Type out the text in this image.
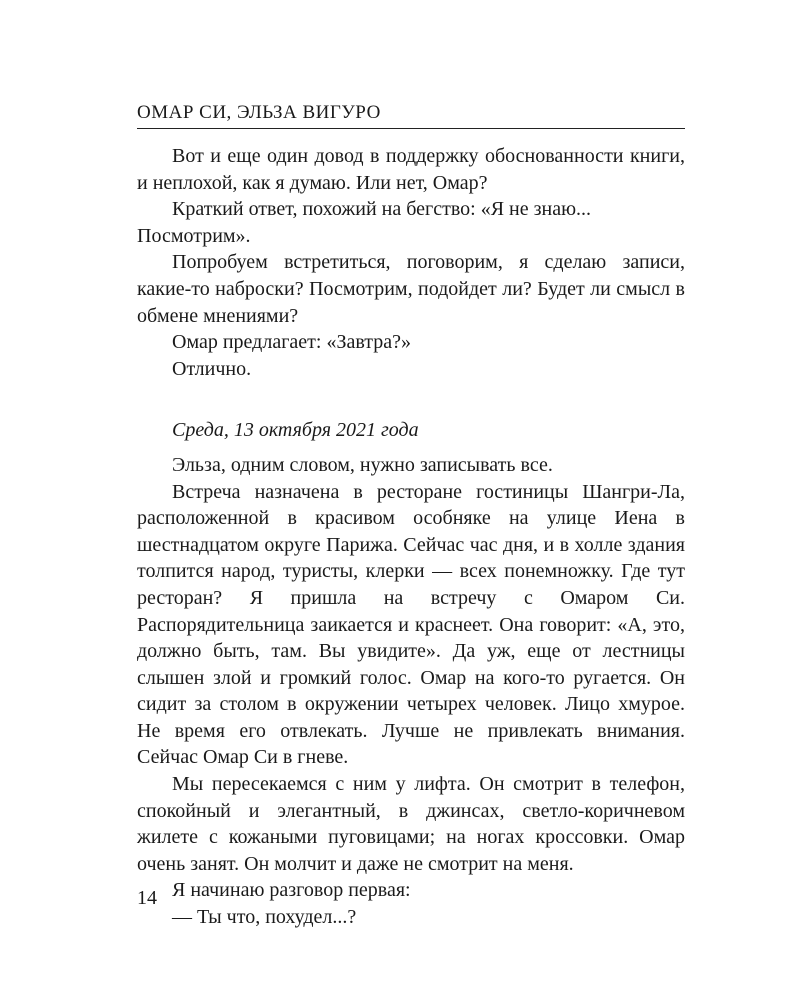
ОМАР СИ, ЭЛЬЗА ВИГУРО

Вот и еще один довод в поддержку обоснованности книги, и неплохой, как я думаю. Или нет, Омар?

Краткий ответ, похожий на бегство: «Я не знаю... Посмотрим».

Попробуем встретиться, поговорим, я сделаю записи, какие-то наброски? Посмотрим, подойдет ли? Будет ли смысл в обмене мнениями?

Омар предлагает: «Завтра?»

Отлично.

Среда, 13 октября 2021 года

Эльза, одним словом, нужно записывать все.

Встреча назначена в ресторане гостиницы Шангри-Ла, расположенной в красивом особняке на улице Иена в шестнадцатом округе Парижа. Сейчас час дня, и в холле здания толпится народ, туристы, клерки — всех понемножку. Где тут ресторан? Я пришла на встречу с Омаром Си. Распорядительница заикается и краснеет. Она говорит: «А, это, должно быть, там. Вы увидите». Да уж, еще от лестницы слышен злой и громкий голос. Омар на кого-то ругается. Он сидит за столом в окружении четырех человек. Лицо хмурое. Не время его отвлекать. Лучше не привлекать внимания. Сейчас Омар Си в гневе.

Мы пересекаемся с ним у лифта. Он смотрит в телефон, спокойный и элегантный, в джинсах, светло-коричневом жилете с кожаными пуговицами; на ногах кроссовки. Омар очень занят. Он молчит и даже не смотрит на меня.

Я начинаю разговор первая:

— Ты что, похудел...?

14
